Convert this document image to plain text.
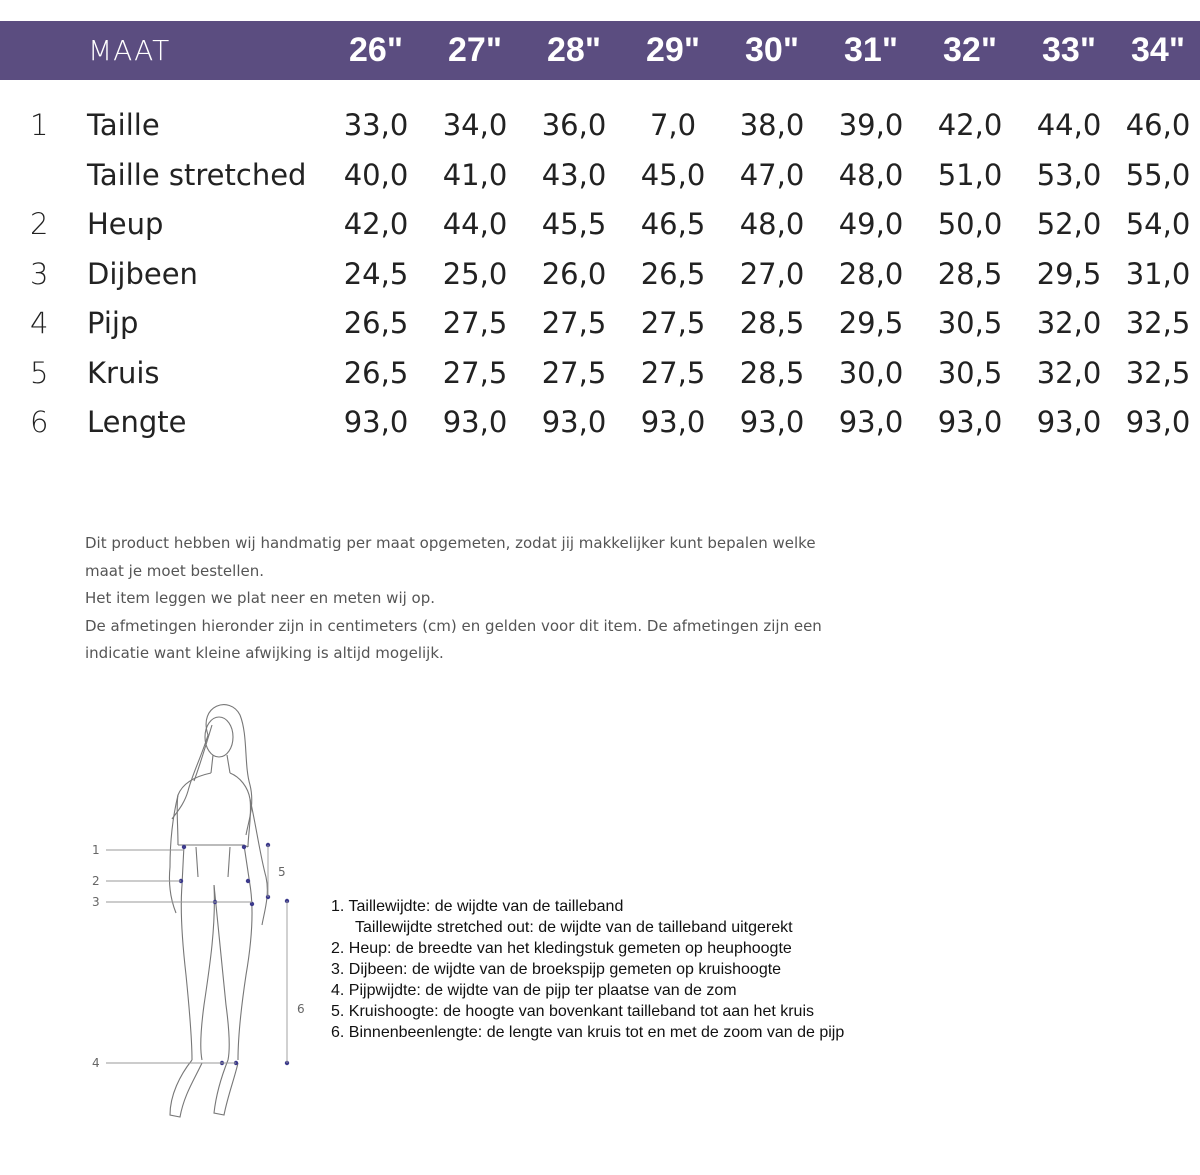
MAAT	26"	27"	28"	29"	30"	31"	32"	33"	34"
1	Taille	33,0	34,0	36,0	7,0	38,0	39,0	42,0	44,0 46,0
Taille stretched	40,0	41,0	43,0	45,0	47,0	48,0	51,0	53,0 55,0
2	Heup	42,0	44,0	45,5	46,5	48,0	49,0	50,0	52,0 54,0
3	Dijbeen	24,5	25,0	26,0	26,5	27,0	28,0	28,5	29,5 31,0
4	Pijp	26,5	27,5	27,5	27,5	28,5	29,5	30,5	32,0 32,5
5	Kruis	26,5	27,5	27,5	27,5	28,5	30,0	30,5	32,0 32,5
6	Lengte	93,0	93,0	93,0	93,0	93,0	93,0	93,0	93,0 93,0
Dit product hebben wij handmatig per maat opgemeten, zodat jij makkelijker kunt bepalen welke
maat je moet bestellen.
Het item leggen we plat neer en meten wij op.
De afmetingen hieronder zijn in centimeters (cm) en gelden voor dit item. De afmetingen zijn een
indicatie want kleine afwijking is altijd mogelijk.
1
2
3
4
5
6
1. Taillewijdte: de wijdte van de tailleband
Taillewijdte stretched out: de wijdte van de tailleband uitgerekt
2. Heup: de breedte van het kledingstuk gemeten op heuphoogte
3. Dijbeen: de wijdte van de broekspijp gemeten op kruishoogte
4. Pijpwijdte: de wijdte van de pijp ter plaatse van de zom
5. Kruishoogte: de hoogte van bovenkant tailleband tot aan het kruis
6. Binnenbeenlengte: de lengte van kruis tot en met de zoom van de pijp
